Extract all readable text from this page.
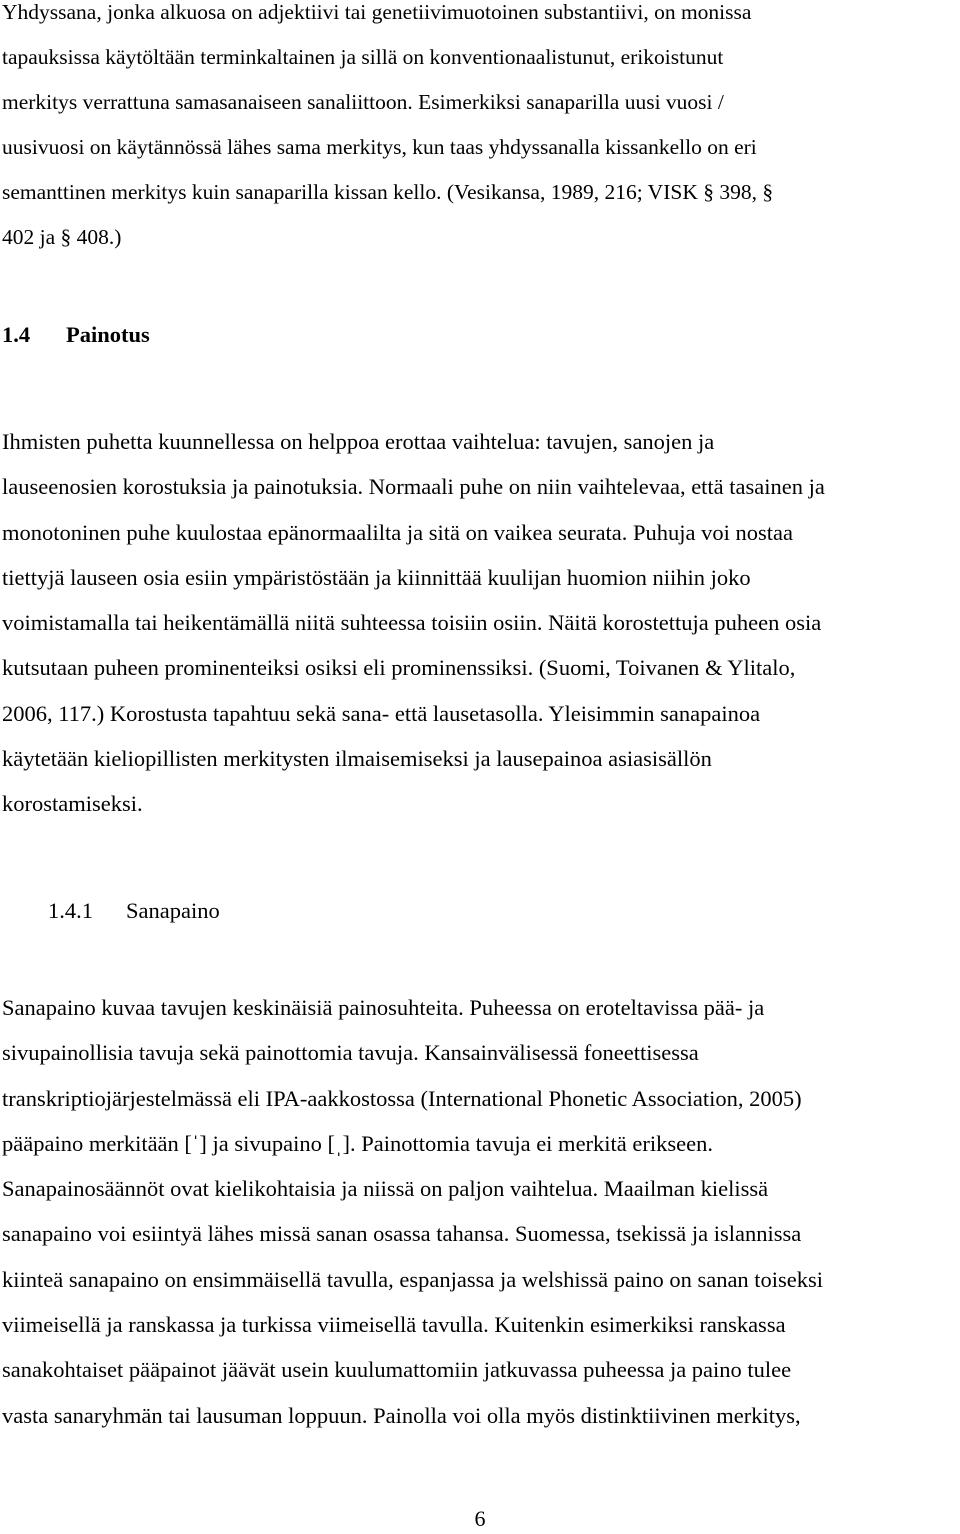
Yhdyssana, jonka alkuosa on adjektiivi tai genetiivimuotoinen substantiivi, on monissa
tapauksissa käytöltään terminkaltainen ja sillä on konventionaalistunut, erikoistunut
merkitys verrattuna samasanaiseen sanaliittoon. Esimerkiksi sanaparilla uusi vuosi /
uusivuosi on käytännössä lähes sama merkitys, kun taas yhdyssanalla kissankello on eri
semanttinen merkitys kuin sanaparilla kissan kello. (Vesikansa, 1989, 216; VISK § 398, §
402 ja § 408.)
1.4 Painotus
Ihmisten puhetta kuunnellessa on helppoa erottaa vaihtelua: tavujen, sanojen ja
lauseenosien korostuksia ja painotuksia. Normaali puhe on niin vaihtelevaa, että tasainen ja
monotoninen puhe kuulostaa epänormaalilta ja sitä on vaikea seurata. Puhuja voi nostaa
tiettyjä lauseen osia esiin ympäristöstään ja kiinnittää kuulijan huomion niihin joko
voimistamalla tai heikentämällä niitä suhteessa toisiin osiin. Näitä korostettuja puheen osia
kutsutaan puheen prominenteiksi osiksi eli prominenssiksi. (Suomi, Toivanen & Ylitalo,
2006, 117.) Korostusta tapahtuu sekä sana- että lausetasolla. Yleisimmin sanapainoa
käytetään kieliopillisten merkitysten ilmaisemiseksi ja lausepainoa asiasisällön
korostamiseksi.
1.4.1 Sanapaino
Sanapaino kuvaa tavujen keskinäisiä painosuhteita. Puheessa on eroteltavissa pää- ja
sivupainollisia tavuja sekä painottomia tavuja. Kansainvälisessä foneettisessa
transkriptiojärjestelmässä eli IPA-aakkostossa (International Phonetic Association, 2005)
pääpaino merkitään [ˈ] ja sivupaino [ˌ]. Painottomia tavuja ei merkitä erikseen.
Sanapainosäännöt ovat kielikohtaisia ja niissä on paljon vaihtelua. Maailman kielissä
sanapaino voi esiintyä lähes missä sanan osassa tahansa. Suomessa, tsekissä ja islannissa
kiinteä sanapaino on ensimmäisellä tavulla, espanjassa ja welshissä paino on sanan toiseksi
viimeisellä ja ranskassa ja turkissa viimeisellä tavulla. Kuitenkin esimerkiksi ranskassa
sanakohtaiset pääpainot jäävät usein kuulumattomiin jatkuvassa puheessa ja paino tulee
vasta sanaryhmän tai lausuman loppuun. Painolla voi olla myös distinktiivinen merkitys,
6
